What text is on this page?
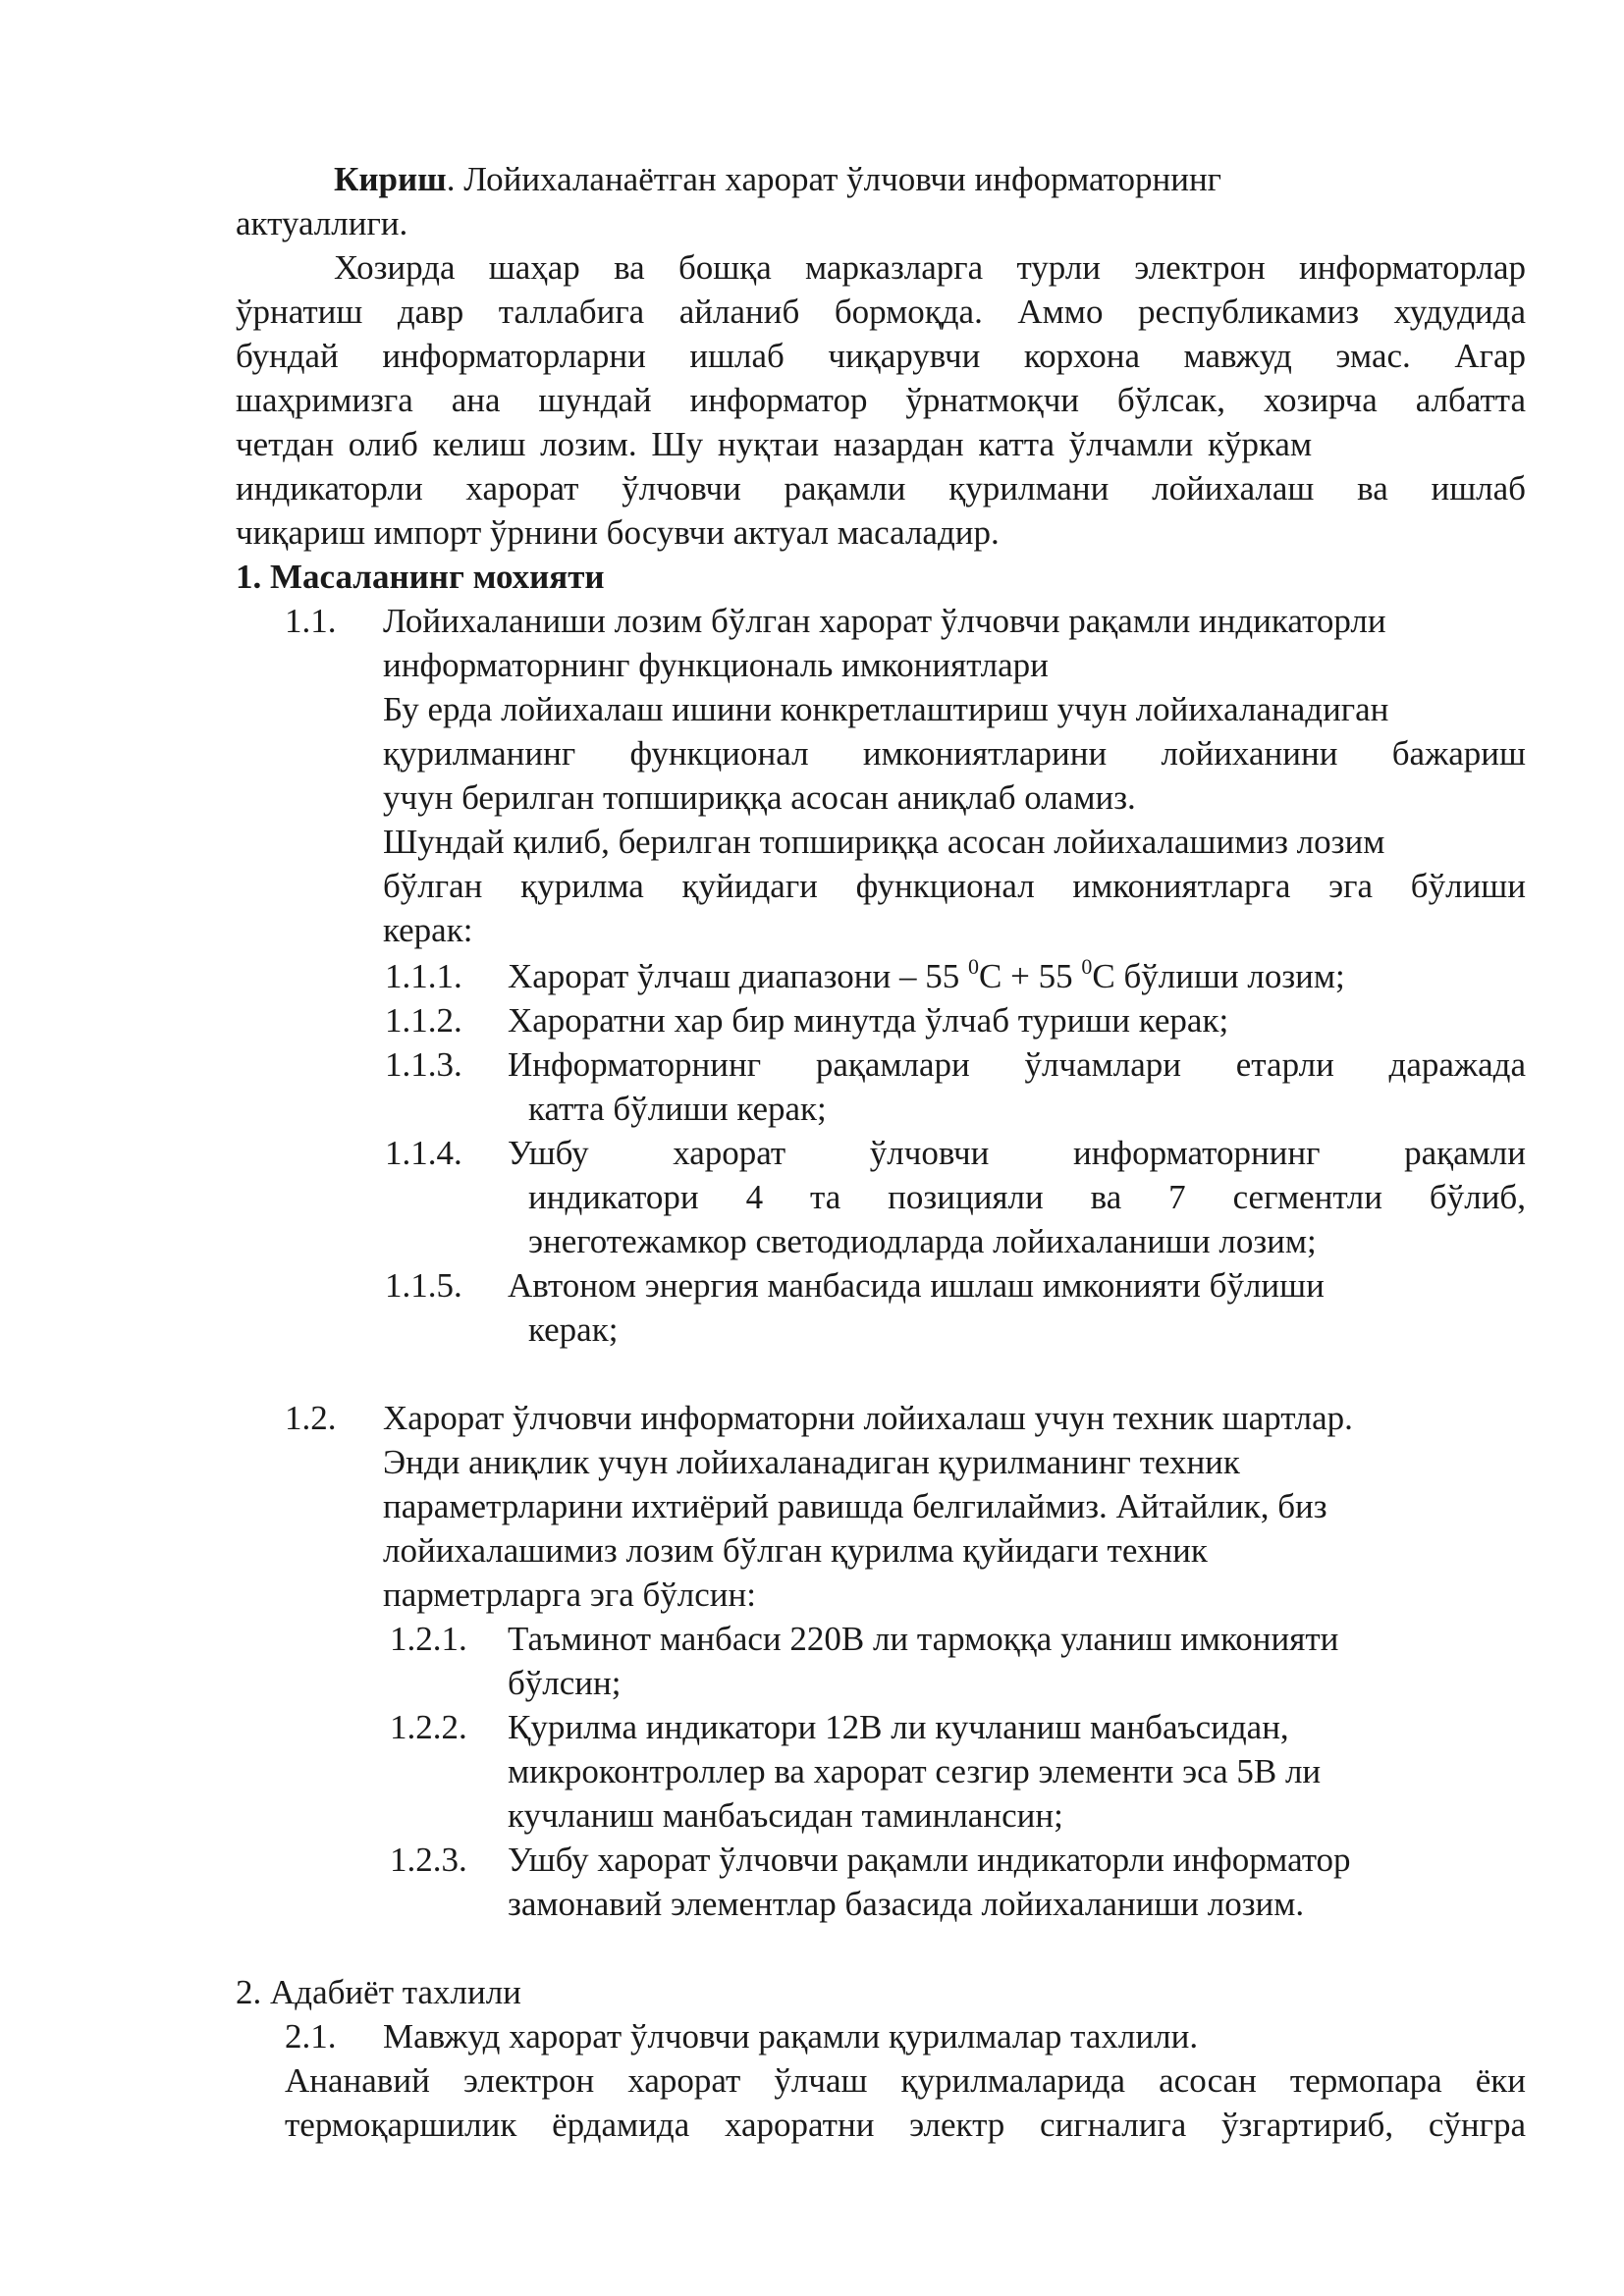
Кириш. Лойихаланаётган харорат ўлчовчи информаторнинг
актуаллиги.
Хозирда шаҳар ва бошқа марказларга турли электрон информаторлар
ўрнатиш давр таллабига айланиб бормоқда. Аммо республикамиз худудида
бундай информаторларни ишлаб чиқарувчи корхона мавжуд эмас. Агар
шаҳримизга ана шундай информатор ўрнатмоқчи бўлсак, хозирча албатта
четдан олиб келиш лозим. Шу нуқтаи назардан катта ўлчамли кўркам
индикаторли харорат ўлчовчи рақамли қурилмани лойихалаш ва ишлаб
чиқариш импорт ўрнини босувчи актуал масаладир.
1. Масаланинг мохияти
1.1. Лойихаланиши лозим бўлган харорат ўлчовчи рақамли индикаторли
информаторнинг функциональ имкониятлари
Бу ерда лойихалаш ишини конкретлаштириш учун лойихаланадиган
қурилманинг функционал имкониятларини лойиханини бажариш
учун берилган топшириққа асосан аниқлаб оламиз.
Шундай қилиб, берилган топшириққа асосан лойихалашимиз лозим
бўлган қурилма қуйидаги функционал имкониятларга эга бўлиши
керак:
1.1.1. Харорат ўлчаш диапазони – 55 $^0$С + 55 $^0$С бўлиши лозим;
1.1.2. Хароратни хар бир минутда ўлчаб туриши керак;
1.1.3. Информаторнинг рақамлари ўлчамлари етарли даражада
катта бўлиши керак;
1.1.4. Ушбу харорат ўлчовчи информаторнинг рақамли
индикатори 4 та позицияли ва 7 сегментли бўлиб,
энеготежамкор светодиодларда лойихаланиши лозим;
1.1.5. Автоном энергия манбасида ишлаш имконияти бўлиши
керак;
1.2. Харорат ўлчовчи информаторни лойихалаш учун техник шартлар.
Энди аниқлик учун лойихаланадиган қурилманинг техник
параметрларини ихтиёрий равишда белгилаймиз. Айтайлик, биз
лойихалашимиз лозим бўлган қурилма қуйидаги техник
парметрларга эга бўлсин:
1.2.1. Таъминот манбаси 220В ли тармоққа уланиш имконияти
бўлсин;
1.2.2. Қурилма индикатори 12В ли кучланиш манбаъсидан,
микроконтроллер ва харорат сезгир элементи эса 5В ли
кучланиш манбаъсидан таминлансин;
1.2.3. Ушбу харорат ўлчовчи рақамли индикаторли информатор
замонавий элементлар базасида лойихаланиши лозим.
2. Адабиёт тахлили
2.1. Мавжуд харорат ўлчовчи рақамли қурилмалар тахлили.
Ананавий электрон харорат ўлчаш қурилмаларида асосан термопара ёки
термоқаршилик ёрдамида хароратни электр сигналига ўзгартириб, сўнгра
